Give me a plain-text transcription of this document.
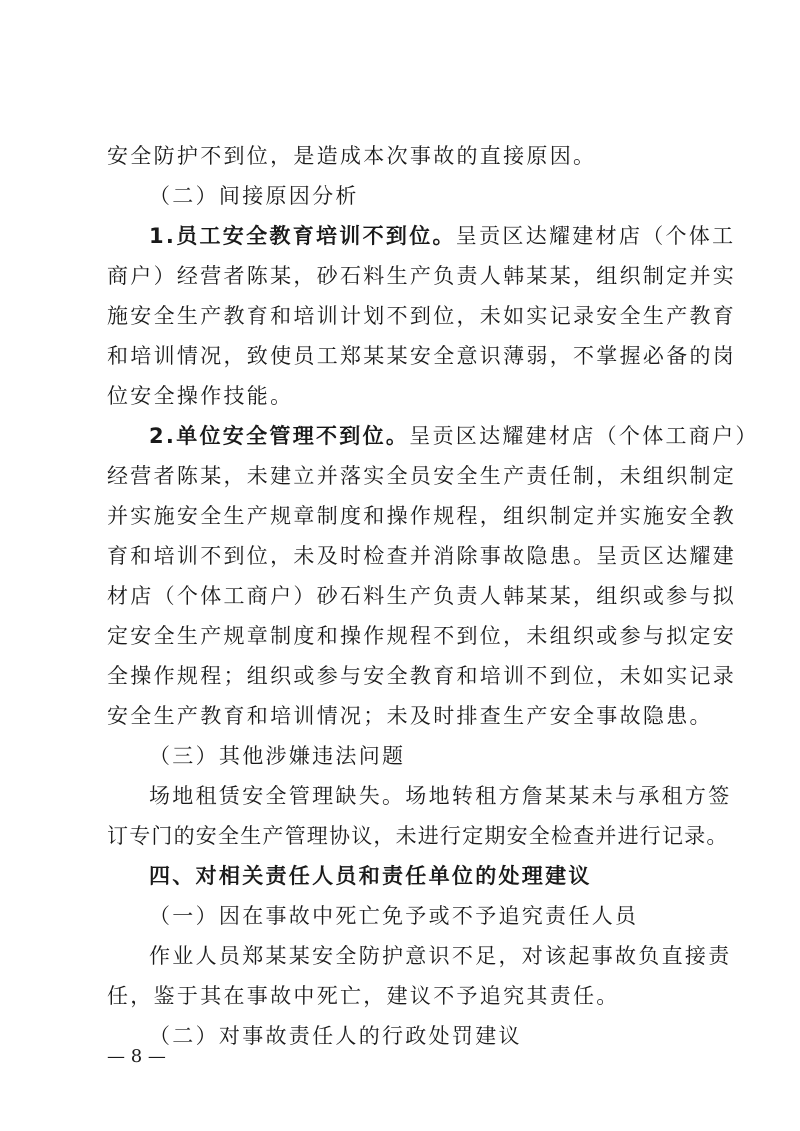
安全防护不到位，是造成本次事故的直接原因。
（二）间接原因分析
1.员工安全教育培训不到位。呈贡区达耀建材店（个体工
商户）经营者陈某，砂石料生产负责人韩某某，组织制定并实
施安全生产教育和培训计划不到位，未如实记录安全生产教育
和培训情况，致使员工郑某某安全意识薄弱，不掌握必备的岗
位安全操作技能。
2.单位安全管理不到位。呈贡区达耀建材店（个体工商户）
经营者陈某，未建立并落实全员安全生产责任制，未组织制定
并实施安全生产规章制度和操作规程，组织制定并实施安全教
育和培训不到位，未及时检查并消除事故隐患。呈贡区达耀建
材店（个体工商户）砂石料生产负责人韩某某，组织或参与拟
定安全生产规章制度和操作规程不到位，未组织或参与拟定安
全操作规程；组织或参与安全教育和培训不到位，未如实记录
安全生产教育和培训情况；未及时排查生产安全事故隐患。
（三）其他涉嫌违法问题
场地租赁安全管理缺失。场地转租方詹某某未与承租方签
订专门的安全生产管理协议，未进行定期安全检查并进行记录。
四、对相关责任人员和责任单位的处理建议
（一）因在事故中死亡免予或不予追究责任人员
作业人员郑某某安全防护意识不足，对该起事故负直接责
任，鉴于其在事故中死亡，建议不予追究其责任。
（二）对事故责任人的行政处罚建议
— 8 —
